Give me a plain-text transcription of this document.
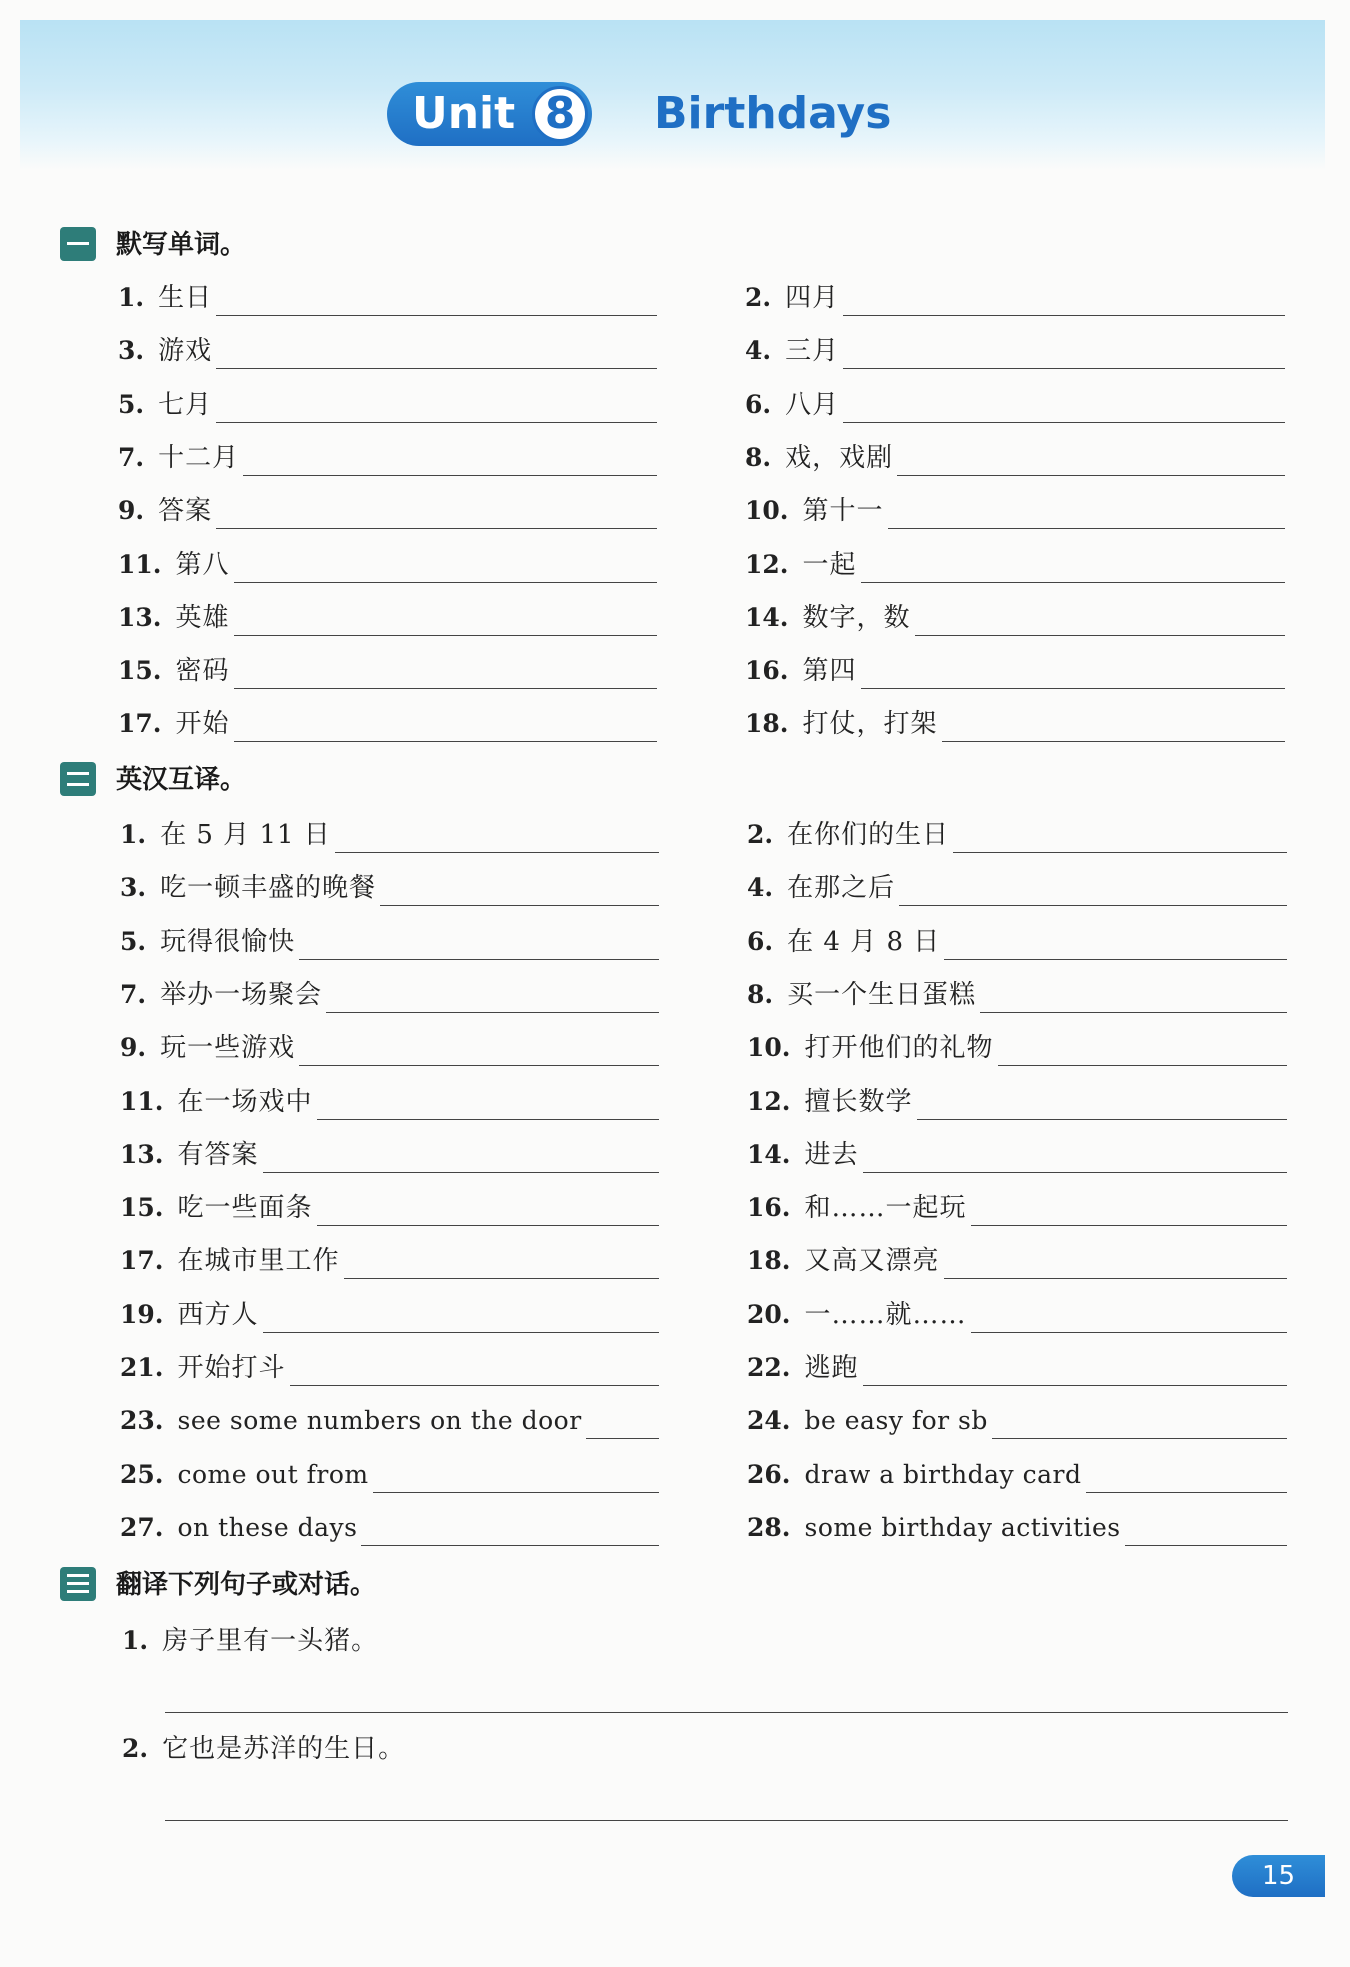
Unit 8 Birthdays
默写单词。
1. 生日	2. 四月
3. 游戏	4. 三月
5. 七月	6. 八月
7. 十二月	8. 戏，戏剧
9. 答案	10. 第十一
11. 第八	12. 一起
13. 英雄	14. 数字，数
15. 密码	16. 第四
17. 开始	18. 打仗，打架
英汉互译。
1. 在 5 月 11 日	2. 在你们的生日
3. 吃一顿丰盛的晚餐	4. 在那之后
5. 玩得很愉快	6. 在 4 月 8 日
7. 举办一场聚会	8. 买一个生日蛋糕
9. 玩一些游戏	10. 打开他们的礼物
11. 在一场戏中	12. 擅长数学
13. 有答案	14. 进去
15. 吃一些面条	16. 和……一起玩
17. 在城市里工作	18. 又高又漂亮
19. 西方人	20. 一……就……
21. 开始打斗	22. 逃跑
23. see some numbers on the door	24. be easy for sb
25. come out from	26. draw a birthday card
27. on these days	28. some birthday activities
翻译下列句子或对话。
1. 房子里有一头猪。
2. 它也是苏洋的生日。
15
